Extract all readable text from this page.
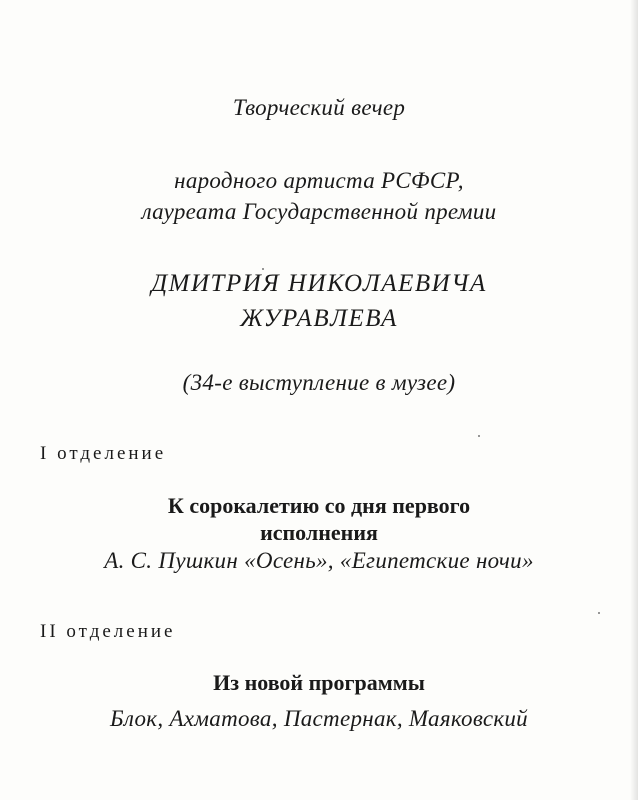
Творческий вечер
народного артиста РСФСР,
лауреата Государственной премии
ДМИТРИЯ НИКОЛАЕВИЧА
ЖУРАВЛЕВА
(34-е выступление в музее)
I отделение
К сорокалетию со дня первого
исполнения
А. С. Пушкин «Осень», «Египетские ночи»
II отделение
Из новой программы
Блок, Ахматова, Пастернак, Маяковский
